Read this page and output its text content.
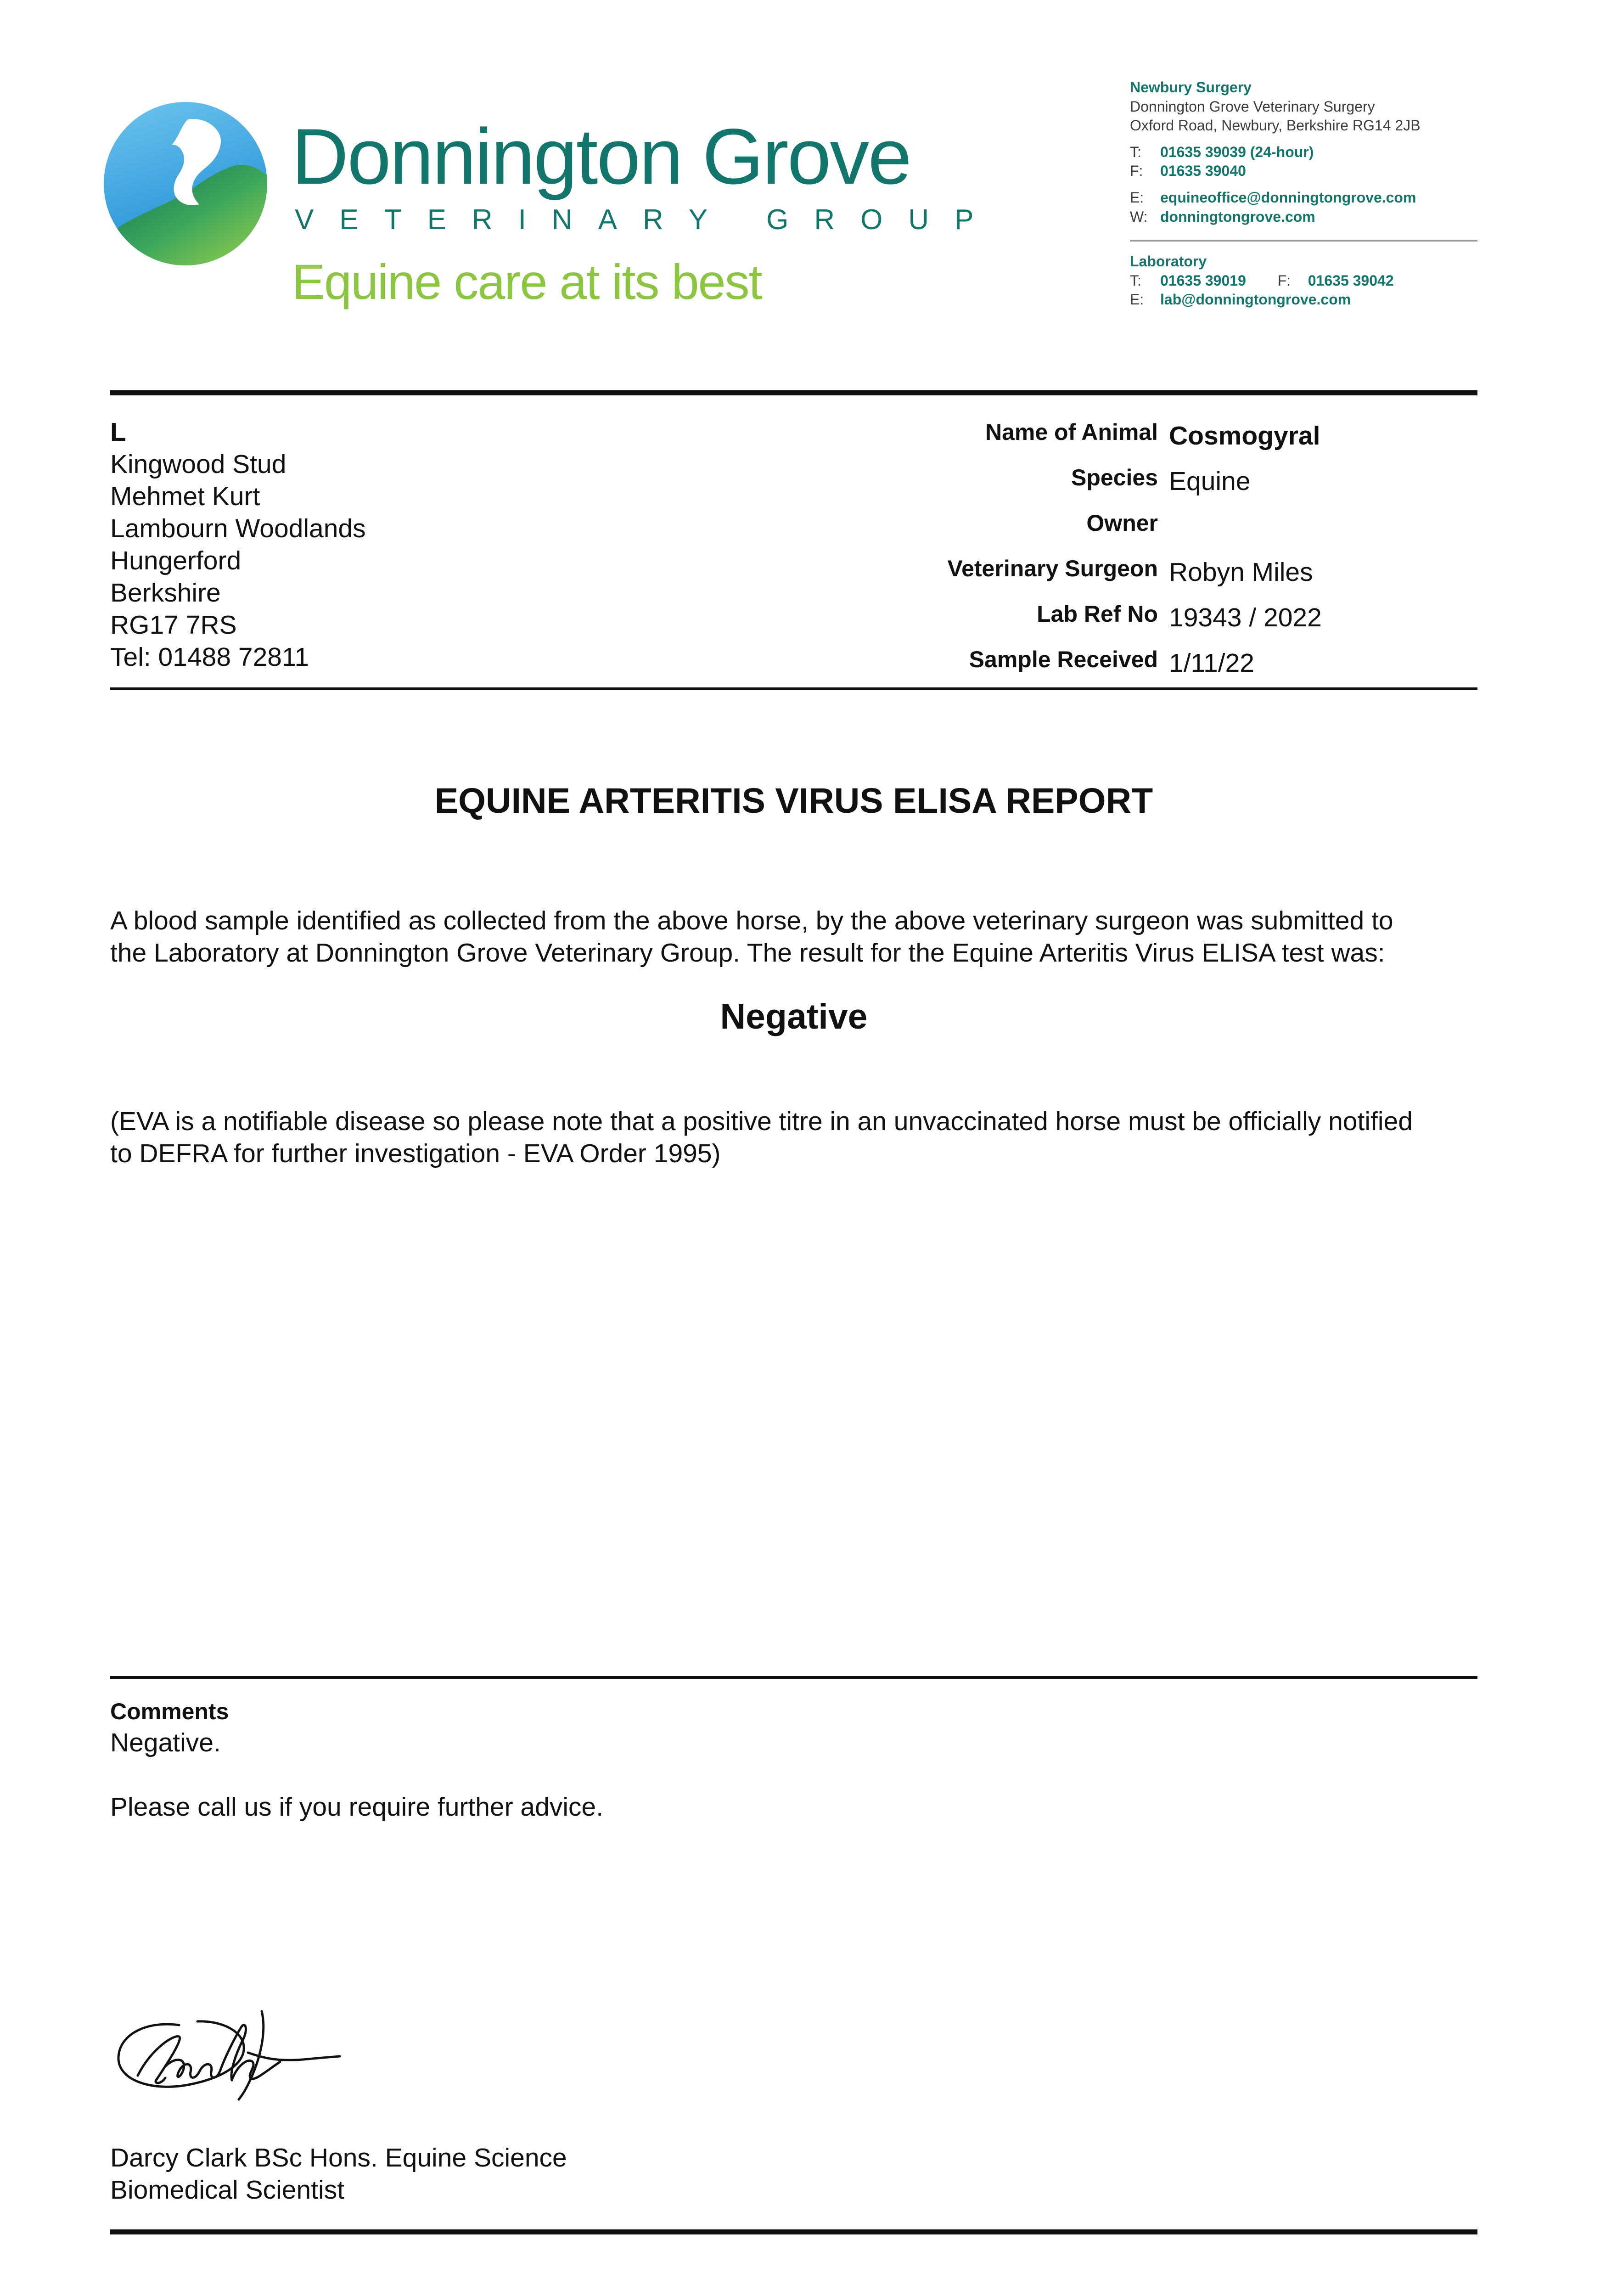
Donnington Grove
VETERINARY GROUP
Equine care at its best
Newbury Surgery
Donnington Grove Veterinary Surgery
Oxford Road, Newbury, Berkshire RG14 2JB
T: 01635 39039 (24-hour)
F: 01635 39040
E: equineoffice@donningtongrove.com
W: donningtongrove.com
Laboratory
T: 01635 39019 F: 01635 39042
E: lab@donningtongrove.com
L
Kingwood Stud
Mehmet Kurt
Lambourn Woodlands
Hungerford
Berkshire
RG17 7RS
Tel: 01488 72811
Name of Animal Cosmogyral
Species Equine
Owner
Veterinary Surgeon Robyn Miles
Lab Ref No 19343 / 2022
Sample Received 1/11/22
EQUINE ARTERITIS VIRUS ELISA REPORT
A blood sample identified as collected from the above horse, by the above veterinary surgeon was submitted to
the Laboratory at Donnington Grove Veterinary Group. The result for the Equine Arteritis Virus ELISA test was:
Negative
(EVA is a notifiable disease so please note that a positive titre in an unvaccinated horse must be officially notified
to DEFRA for further investigation - EVA Order 1995)
Comments
Negative.
Please call us if you require further advice.
Darcy Clark BSc Hons. Equine Science
Biomedical Scientist
